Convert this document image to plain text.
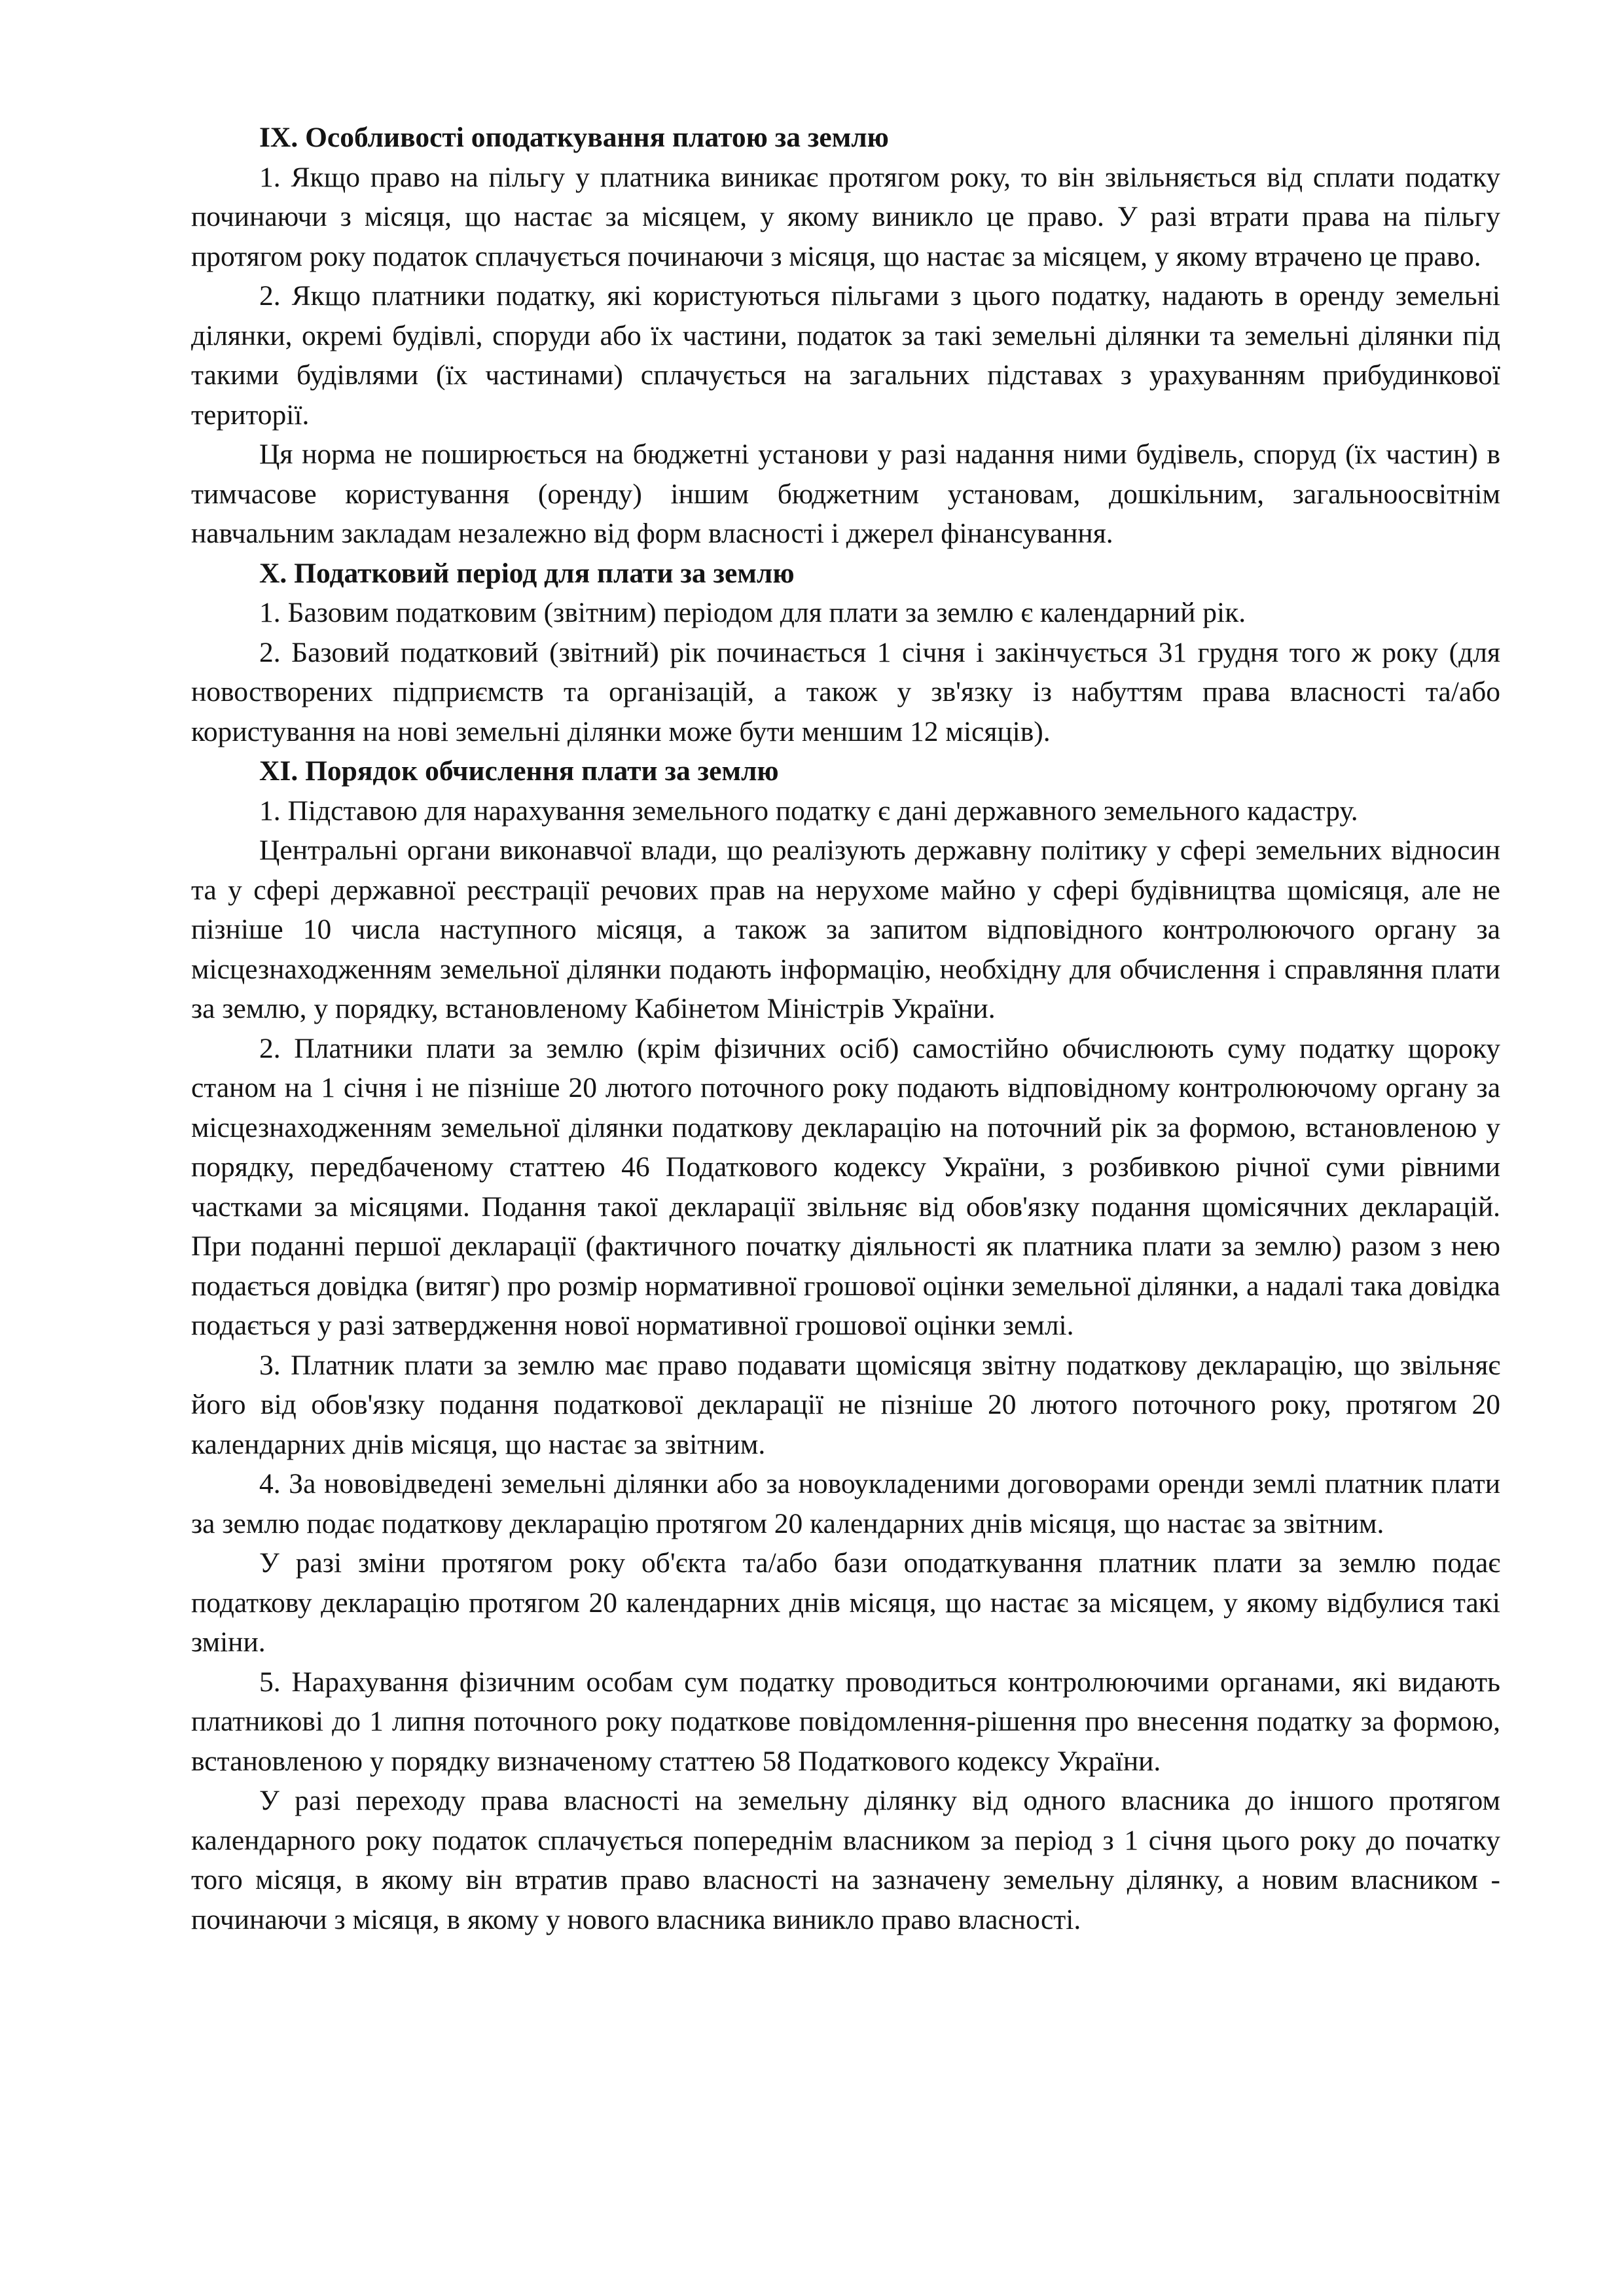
IX. Особливості оподаткування платою за землю

1. Якщо право на пільгу у платника виникає протягом року, то він звільняється від сплати податку починаючи з місяця, що настає за місяцем, у якому виникло це право. У разі втрати права на пільгу протягом року податок сплачується починаючи з місяця, що настає за місяцем, у якому втрачено це право.

2. Якщо платники податку, які користуються пільгами з цього податку, надають в оренду земельні ділянки, окремі будівлі, споруди або їх частини, податок за такі земельні ділянки та земельні ділянки під такими будівлями (їх частинами) сплачується на загальних підставах з урахуванням прибудинкової території.

Ця норма не поширюється на бюджетні установи у разі надання ними будівель, споруд (їх частин) в тимчасове користування (оренду) іншим бюджетним установам, дошкільним, загальноосвітнім навчальним закладам незалежно від форм власності і джерел фінансування.

X. Податковий період для плати за землю

1. Базовим податковим (звітним) періодом для плати за землю є календарний рік.

2. Базовий податковий (звітний) рік починається 1 січня і закінчується 31 грудня того ж року (для новостворених підприємств та організацій, а також у зв'язку із набуттям права власності та/або користування на нові земельні ділянки може бути меншим 12 місяців).

XI. Порядок обчислення плати за землю

1. Підставою для нарахування земельного податку є дані державного земельного кадастру.

Центральні органи виконавчої влади, що реалізують державну політику у сфері земельних відносин та у сфері державної реєстрації речових прав на нерухоме майно у сфері будівництва щомісяця, але не пізніше 10 числа наступного місяця, а також за запитом відповідного контролюючого органу за місцезнаходженням земельної ділянки подають інформацію, необхідну для обчислення і справляння плати за землю, у порядку, встановленому Кабінетом Міністрів України.

2. Платники плати за землю (крім фізичних осіб) самостійно обчислюють суму податку щороку станом на 1 січня і не пізніше 20 лютого поточного року подають відповідному контролюючому органу за місцезнаходженням земельної ділянки податкову декларацію на поточний рік за формою, встановленою у порядку, передбаченому статтею 46 Податкового кодексу України, з розбивкою річної суми рівними частками за місяцями. Подання такої декларації звільняє від обов'язку подання щомісячних декларацій. При поданні першої декларації (фактичного початку діяльності як платника плати за землю) разом з нею подається довідка (витяг) про розмір нормативної грошової оцінки земельної ділянки, а надалі така довідка подається у разі затвердження нової нормативної грошової оцінки землі.

3. Платник плати за землю має право подавати щомісяця звітну податкову декларацію, що звільняє його від обов'язку подання податкової декларації не пізніше 20 лютого поточного року, протягом 20 календарних днів місяця, що настає за звітним.

4. За нововідведені земельні ділянки або за новоукладеними договорами оренди землі платник плати за землю подає податкову декларацію протягом 20 календарних днів місяця, що настає за звітним.

У разі зміни протягом року об'єкта та/або бази оподаткування платник плати за землю подає податкову декларацію протягом 20 календарних днів місяця, що настає за місяцем, у якому відбулися такі зміни.

5. Нарахування фізичним особам сум податку проводиться контролюючими органами, які видають платникові до 1 липня поточного року податкове повідомлення-рішення про внесення податку за формою, встановленою у порядку визначеному статтею 58 Податкового кодексу України.

У разі переходу права власності на земельну ділянку від одного власника до іншого протягом календарного року податок сплачується попереднім власником за період з 1 січня цього року до початку того місяця, в якому він втратив право власності на зазначену земельну ділянку, а новим власником - починаючи з місяця, в якому у нового власника виникло право власності.
